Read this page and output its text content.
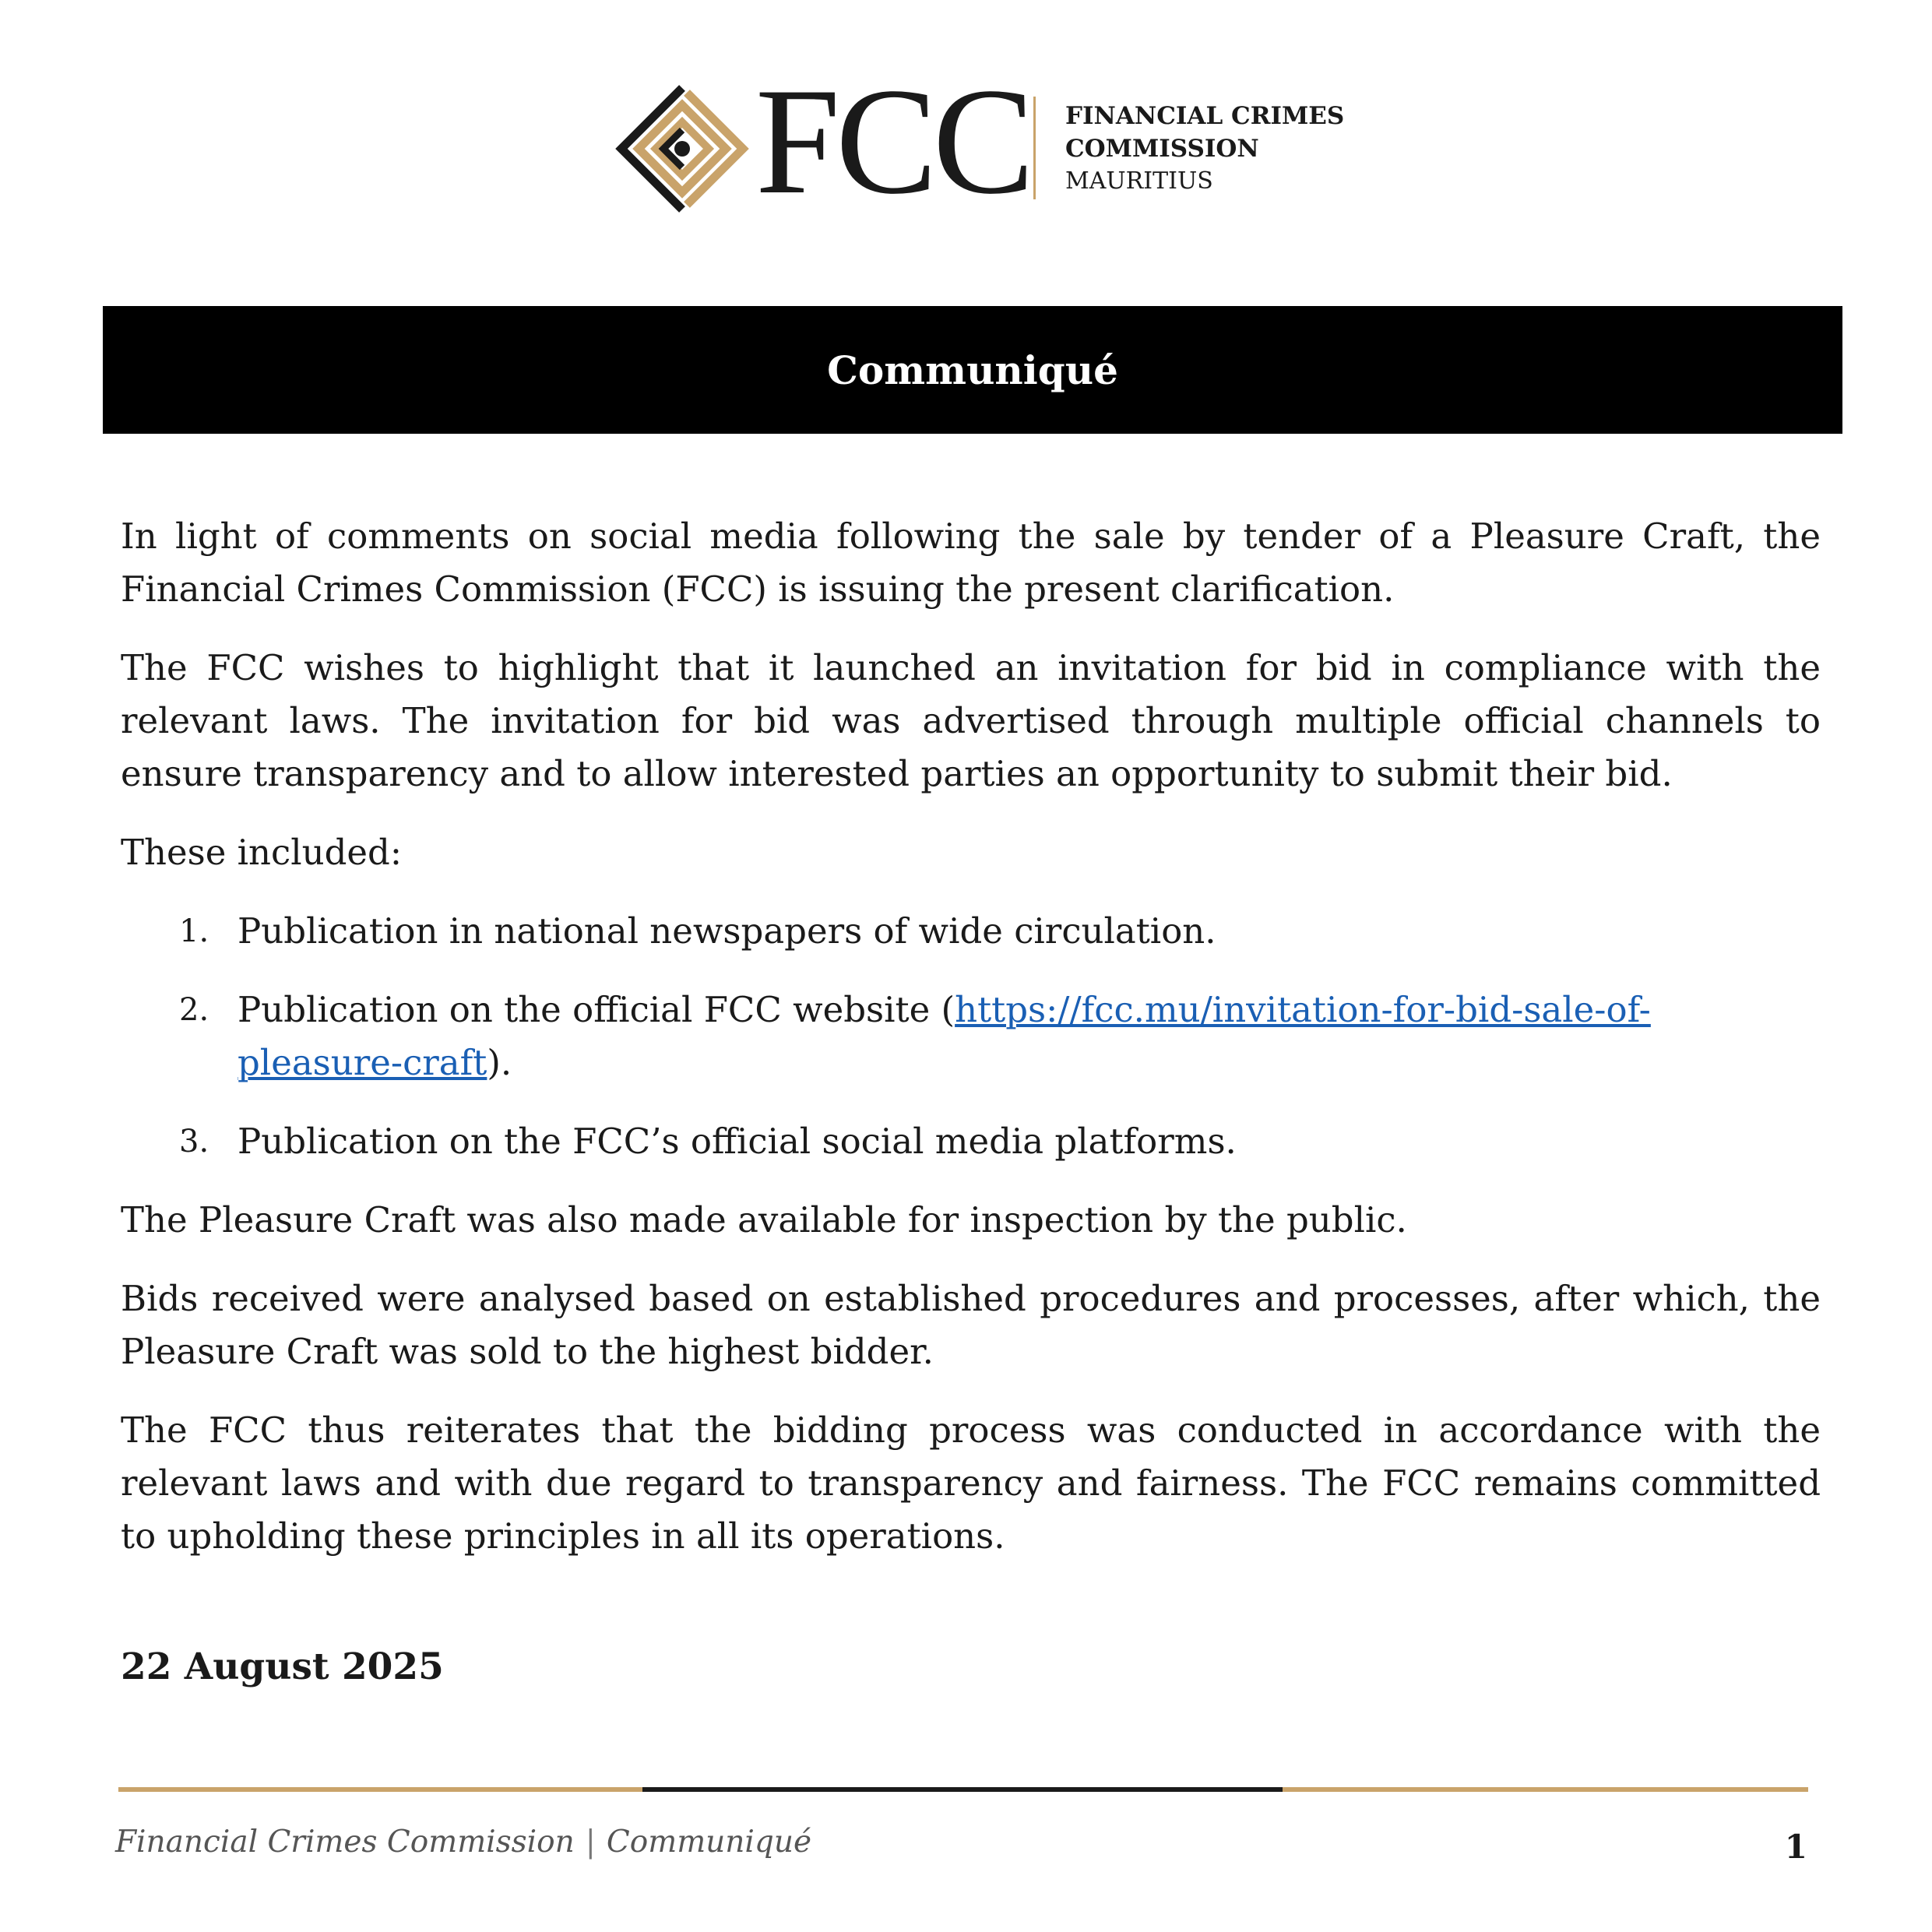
FCC FINANCIAL CRIMES
COMMISSION
MAURITIUS
Communiqué

In light of comments on social media following the sale by tender of a Pleasure Craft, the Financial Crimes Commission (FCC) is issuing the present clarification.

The FCC wishes to highlight that it launched an invitation for bid in compliance with the relevant laws. The invitation for bid was advertised through multiple official channels to ensure transparency and to allow interested parties an opportunity to submit their bid.

These included:

1. Publication in national newspapers of wide circulation.
2. Publication on the official FCC website (https://fcc.mu/invitation-for-bid-sale-of-pleasure-craft).
3. Publication on the FCC’s official social media platforms.

The Pleasure Craft was also made available for inspection by the public.

Bids received were analysed based on established procedures and processes, after which, the Pleasure Craft was sold to the highest bidder.

The FCC thus reiterates that the bidding process was conducted in accordance with the relevant laws and with due regard to transparency and fairness. The FCC remains committed to upholding these principles in all its operations.

22 August 2025
Financial Crimes Commission | Communiqué	1
